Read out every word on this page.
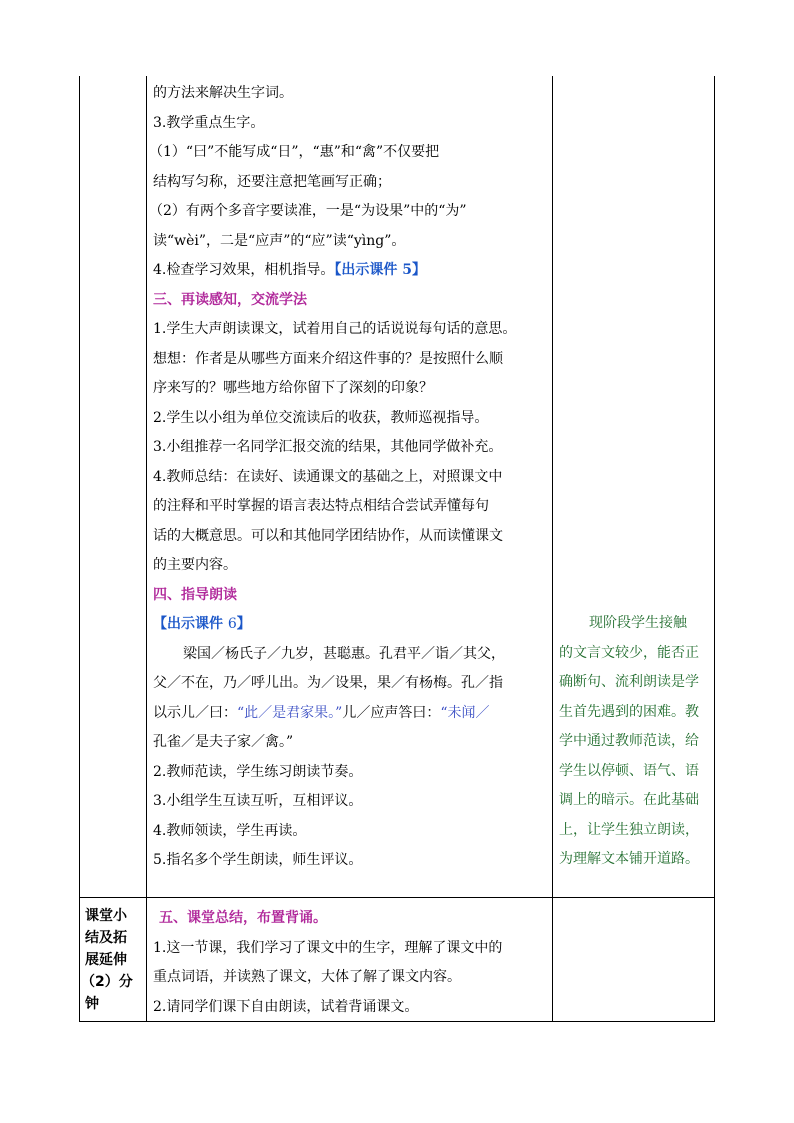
的方法来解决生字词。

3.教学重点生字。

（1）“曰”不能写成“日”，“惠”和“禽”不仅要把

结构写匀称，还要注意把笔画写正确；

（2）有两个多音字要读准，一是“为设果”中的“为”

读“wèi”，二是“应声”的“应”读“yìng”。

4.检查学习效果，相机指导。【出示课件 5】

三、再读感知，交流学法

1.学生大声朗读课文，试着用自己的话说说每句话的意思。

想想：作者是从哪些方面来介绍这件事的？是按照什么顺

序来写的？哪些地方给你留下了深刻的印象？

2.学生以小组为单位交流读后的收获，教师巡视指导。

3.小组推荐一名同学汇报交流的结果，其他同学做补充。

4.教师总结：在读好、读通课文的基础之上，对照课文中

的注释和平时掌握的语言表达特点相结合尝试弄懂每句

话的大概意思。可以和其他同学团结协作，从而读懂课文

的主要内容。

四、指导朗读

【出示课件 6】

梁国／杨氏子／九岁，甚聪惠。孔君平／诣／其父，

父／不在，乃／呼儿出。为／设果，果／有杨梅。孔／指

以示儿／曰：“此／是君家果。”儿／应声答曰：“未闻／

孔雀／是夫子家／禽。”

2.教师范读，学生练习朗读节奏。

3.小组学生互读互听，互相评议。

4.教师领读，学生再读。

5.指名多个学生朗读，师生评议。

现阶段学生接触

的文言文较少，能否正

确断句、流利朗读是学

生首先遇到的困难。教

学中通过教师范读，给

学生以停顿、语气、语

调上的暗示。在此基础

上，让学生独立朗读，

为理解文本铺开道路。

课堂小
结及拓
展延伸
（2）分
钟

五、课堂总结，布置背诵。

1.这一节课，我们学习了课文中的生字，理解了课文中的

重点词语，并读熟了课文，大体了解了课文内容。

2.请同学们课下自由朗读，试着背诵课文。
